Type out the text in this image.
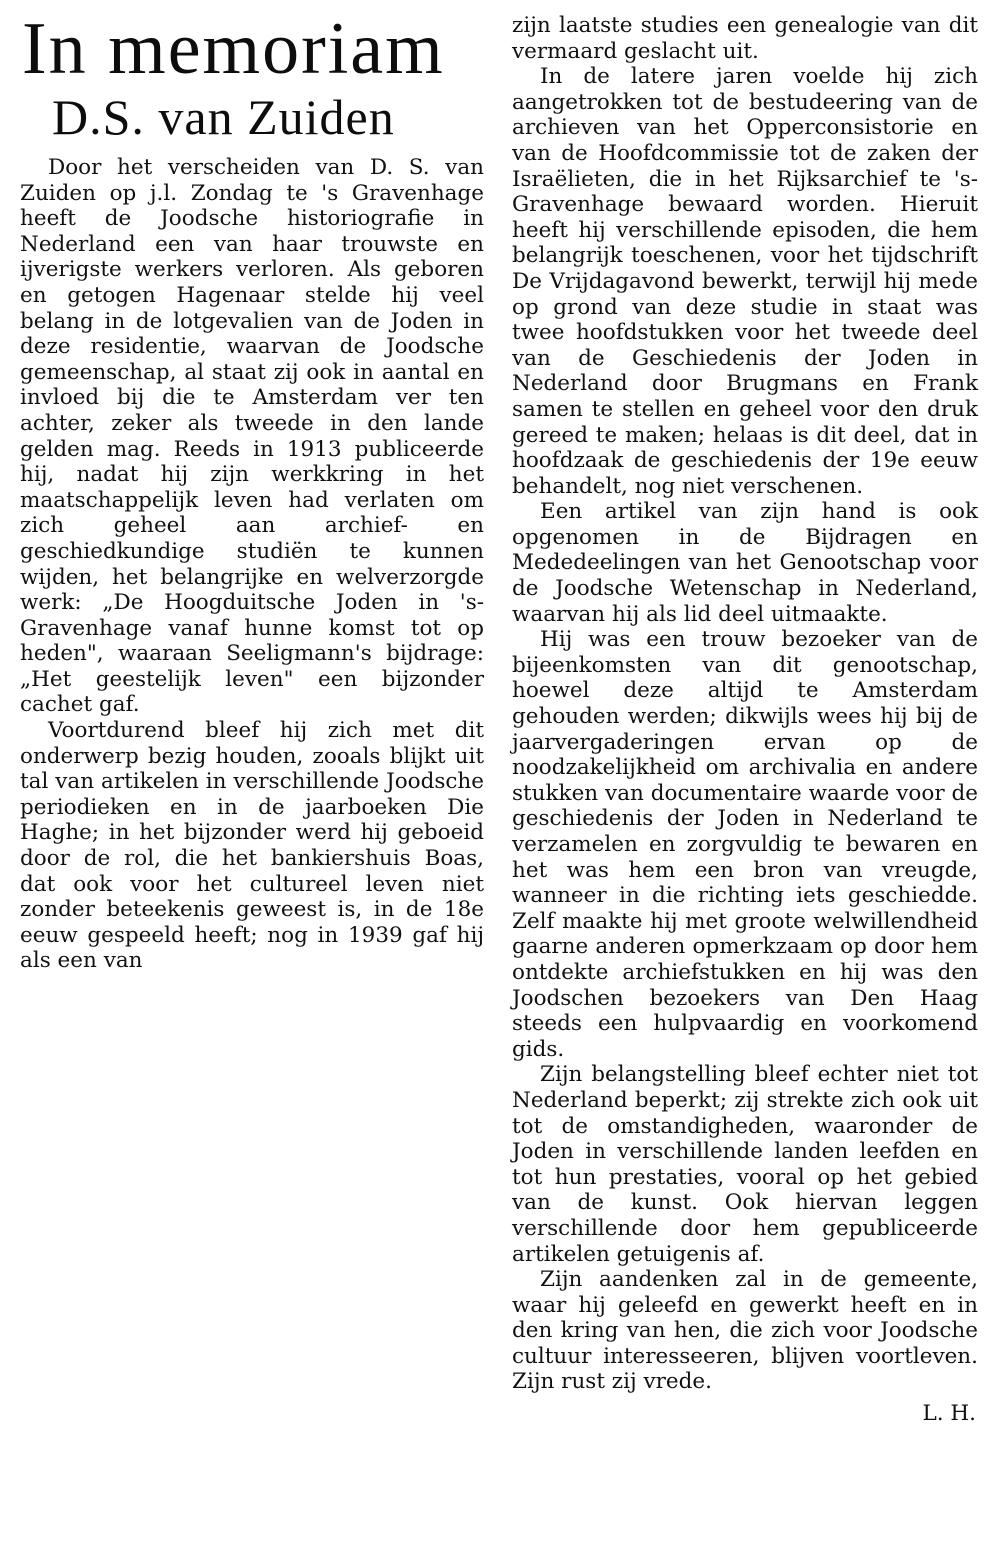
In memoriam
D.S. van Zuiden

Door het verscheiden van D. S. van Zuiden op j.l. Zondag te 's Gravenhage heeft de Joodsche historiografie in Nederland een van haar trouwste en ijverigste werkers verloren. Als geboren en getogen Hagenaar stelde hij veel belang in de lotgevalien van de Joden in deze residentie, waarvan de Joodsche gemeenschap, al staat zij ook in aantal en invloed bij die te Amsterdam ver ten achter, zeker als tweede in den lande gelden mag. Reeds in 1913 publiceerde hij, nadat hij zijn werkkring in het maatschappelijk leven had verlaten om zich geheel aan archief- en geschiedkundige studiën te kunnen wijden, het belangrijke en welverzorgde werk: „De Hoogduitsche Joden in 's-Gravenhage vanaf hunne komst tot op heden", waaraan Seeligmann's bijdrage: „Het geestelijk leven" een bijzonder cachet gaf.

Voortdurend bleef hij zich met dit onderwerp bezig houden, zooals blijkt uit tal van artikelen in verschillende Joodsche periodieken en in de jaarboeken Die Haghe; in het bijzonder werd hij geboeid door de rol, die het bankiershuis Boas, dat ook voor het cultureel leven niet zonder beteekenis geweest is, in de 18e eeuw gespeeld heeft; nog in 1939 gaf hij als een van

zijn laatste studies een genealogie van dit vermaard geslacht uit.

In de latere jaren voelde hij zich aangetrokken tot de bestudeering van de archieven van het Opperconsistorie en van de Hoofdcommissie tot de zaken der Israëlieten, die in het Rijksarchief te 's-Gravenhage bewaard worden. Hieruit heeft hij verschillende episoden, die hem belangrijk toeschenen, voor het tijdschrift De Vrijdagavond bewerkt, terwijl hij mede op grond van deze studie in staat was twee hoofdstukken voor het tweede deel van de Geschiedenis der Joden in Nederland door Brugmans en Frank samen te stellen en geheel voor den druk gereed te maken; helaas is dit deel, dat in hoofdzaak de geschiedenis der 19e eeuw behandelt, nog niet verschenen.

Een artikel van zijn hand is ook opgenomen in de Bijdragen en Mededeelingen van het Genootschap voor de Joodsche Wetenschap in Nederland, waarvan hij als lid deel uitmaakte.

Hij was een trouw bezoeker van de bijeenkomsten van dit genootschap, hoewel deze altijd te Amsterdam gehouden werden; dikwijls wees hij bij de jaarvergaderingen ervan op de noodzakelijkheid om archivalia en andere stukken van documentaire waarde voor de geschiedenis der Joden in Nederland te verzamelen en zorgvuldig te bewaren en het was hem een bron van vreugde, wanneer in die richting iets geschiedde. Zelf maakte hij met groote welwillendheid gaarne anderen opmerkzaam op door hem ontdekte archiefstukken en hij was den Joodschen bezoekers van Den Haag steeds een hulpvaardig en voorkomend gids.

Zijn belangstelling bleef echter niet tot Nederland beperkt; zij strekte zich ook uit tot de omstandigheden, waaronder de Joden in verschillende landen leefden en tot hun prestaties, vooral op het gebied van de kunst. Ook hiervan leggen verschillende door hem gepubliceerde artikelen getuigenis af.

Zijn aandenken zal in de gemeente, waar hij geleefd en gewerkt heeft en in den kring van hen, die zich voor Joodsche cultuur interesseeren, blijven voortleven. Zijn rust zij vrede.

L. H.
